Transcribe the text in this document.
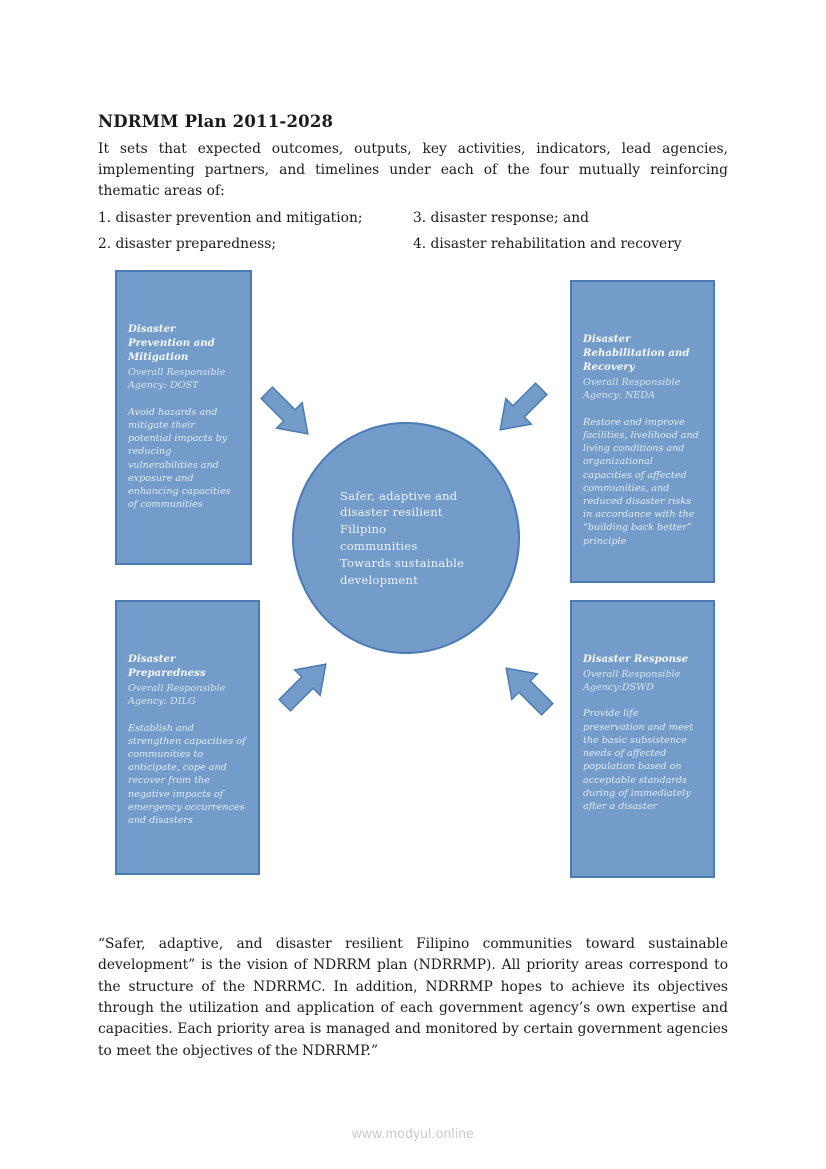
NDRMM Plan 2011-2028

It sets that expected outcomes, outputs, key activities, indicators, lead agencies, implementing partners, and timelines under each of the four mutually reinforcing thematic areas of:

1. disaster prevention and mitigation;

2. disaster preparedness;

3. disaster response; and

4. disaster rehabilitation and recovery

Disaster Prevention and Mitigation
Overall Responsible Agency: DOST
Avoid hazards and mitigate their potential impacts by reducing vulnerabilities and exposure and enhancing capacities of communities
Disaster Rehabilitation and Recovery
Overall Responsible Agency: NEDA
Restore and improve facilities, livelihood and living conditions and organizational capacities of affected communities, and reduced disaster risks in accordance with the “building back better” principle
Disaster Preparedness
Overall Responsible Agency: DILG
Establish and strengthen capacities of communities to anticipate, cope and recover from the negative impacts of emergency occurrences and disasters
Disaster Response
Overall Responsible Agency:DSWD
Provide life preservation and meet the basic subsistence needs of affected population based on acceptable standards during of immediately after a disaster
Safer, adaptive and
disaster resilient
Filipino
communities
Towards sustainable
development

“Safer, adaptive, and disaster resilient Filipino communities toward sustainable development” is the vision of NDRRM plan (NDRRMP). All priority areas correspond to the structure of the NDRRMC. In addition, NDRRMP hopes to achieve its objectives through the utilization and application of each government agency’s own expertise and capacities. Each priority area is managed and monitored by certain government agencies to meet the objectives of the NDRRMP.”

www.modyul.online
